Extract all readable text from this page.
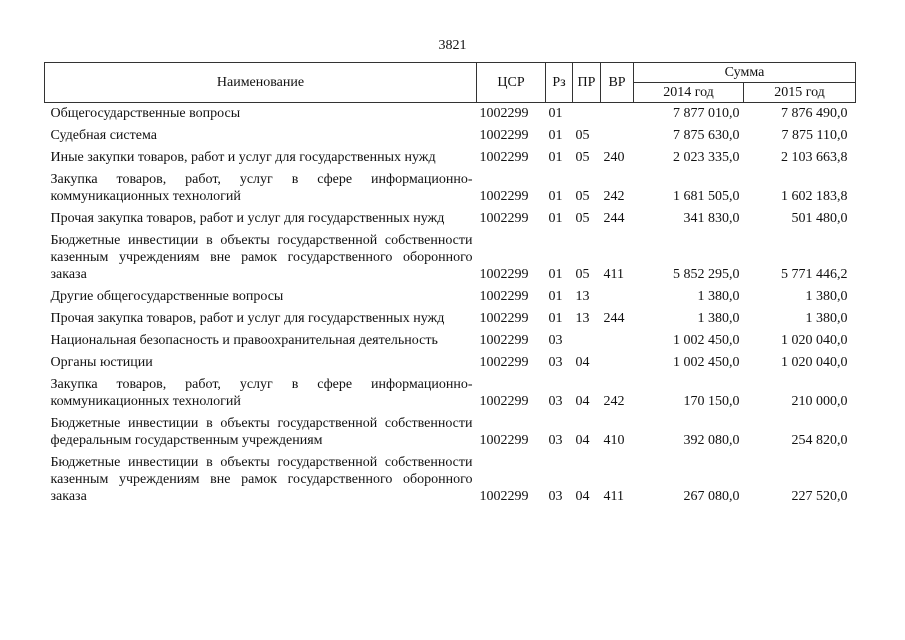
3821
Наименование	ЦСР	Рз	ПР	ВР	Сумма	
					2014 год	2015 год
Общегосударственные вопросы	1002299	01			7 877 010,0	7 876 490,0
Судебная система	1002299	01	05		7 875 630,0	7 875 110,0
Иные закупки товаров, работ и услуг для государственных нужд	1002299	01	05	240	2 023 335,0	2 103 663,8
Закупка товаров, работ, услуг в сфере информационно-коммуникационных технологий	1002299	01	05	242	1 681 505,0	1 602 183,8
Прочая закупка товаров, работ и услуг для государственных нужд	1002299	01	05	244	341 830,0	501 480,0
Бюджетные инвестиции в объекты государственной собственности казенным учреждениям вне рамок государственного оборонного заказа	1002299	01	05	411	5 852 295,0	5 771 446,2
Другие общегосударственные вопросы	1002299	01	13		1 380,0	1 380,0
Прочая закупка товаров, работ и услуг для государственных нужд	1002299	01	13	244	1 380,0	1 380,0
Национальная безопасность и правоохранительная деятельность	1002299	03			1 002 450,0	1 020 040,0
Органы юстиции	1002299	03	04		1 002 450,0	1 020 040,0
Закупка товаров, работ, услуг в сфере информационно-коммуникационных технологий	1002299	03	04	242	170 150,0	210 000,0
Бюджетные инвестиции в объекты государственной собственности федеральным государственным учреждениям	1002299	03	04	410	392 080,0	254 820,0
Бюджетные инвестиции в объекты государственной собственности казенным учреждениям вне рамок государственного оборонного заказа	1002299	03	04	411	267 080,0	227 520,0
